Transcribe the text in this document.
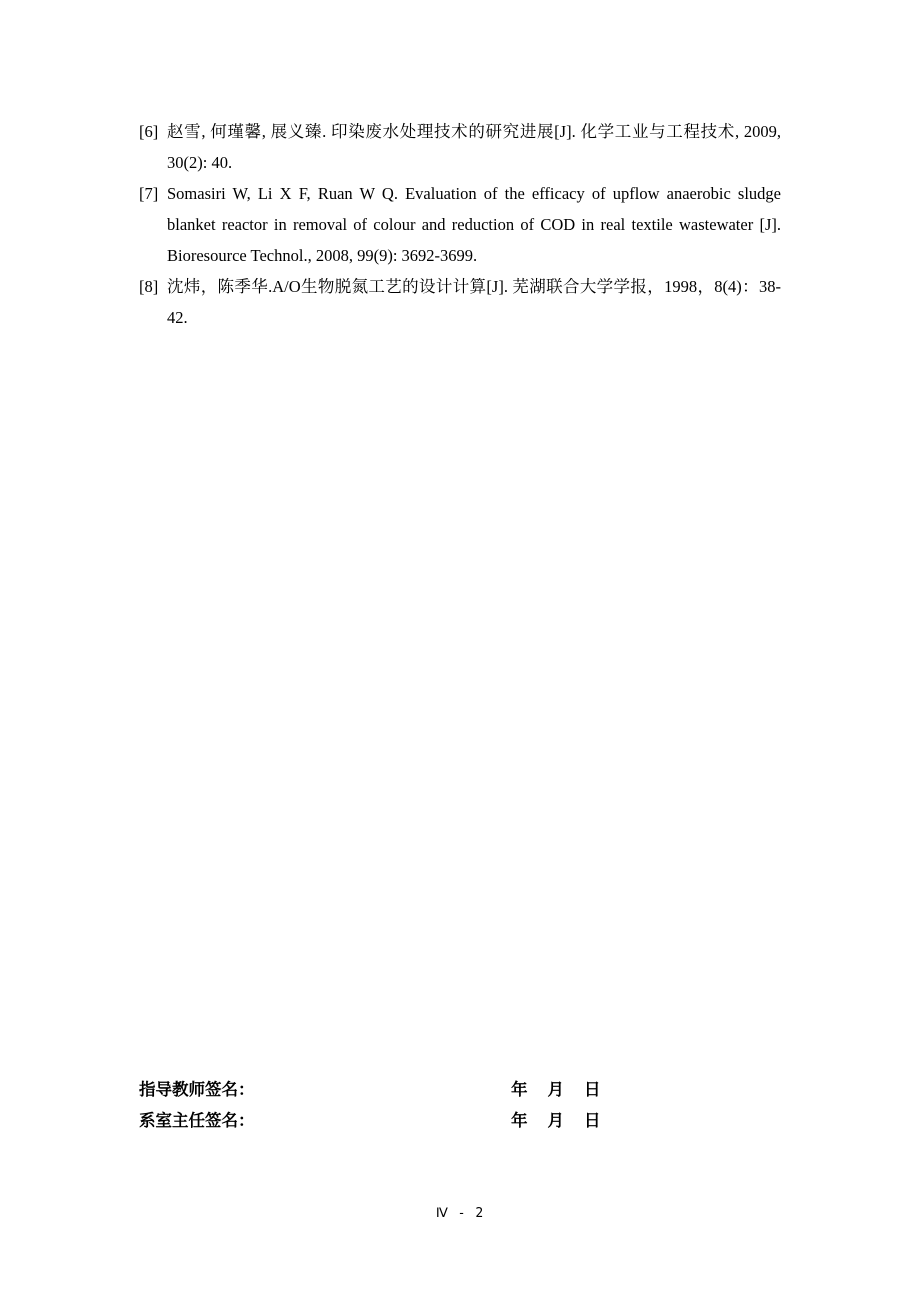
[6] 赵雪, 何瑾馨, 展义臻. 印染废水处理技术的研究进展[J]. 化学工业与工程技术, 2009, 30(2): 40.
[7] Somasiri W, Li X F, Ruan W Q. Evaluation of the efficacy of upflow anaerobic sludge blanket reactor in removal of colour and reduction of COD in real textile wastewater [J]. Bioresource Technol., 2008, 99(9): 3692-3699.
[8] 沈炜，陈季华.A/O生物脱氮工艺的设计计算[J]. 芜湖联合大学学报，1998，8(4)：38-42.
指导教师签名：	年 月 日
系室主任签名：	年 月 日
Ⅳ - 2
